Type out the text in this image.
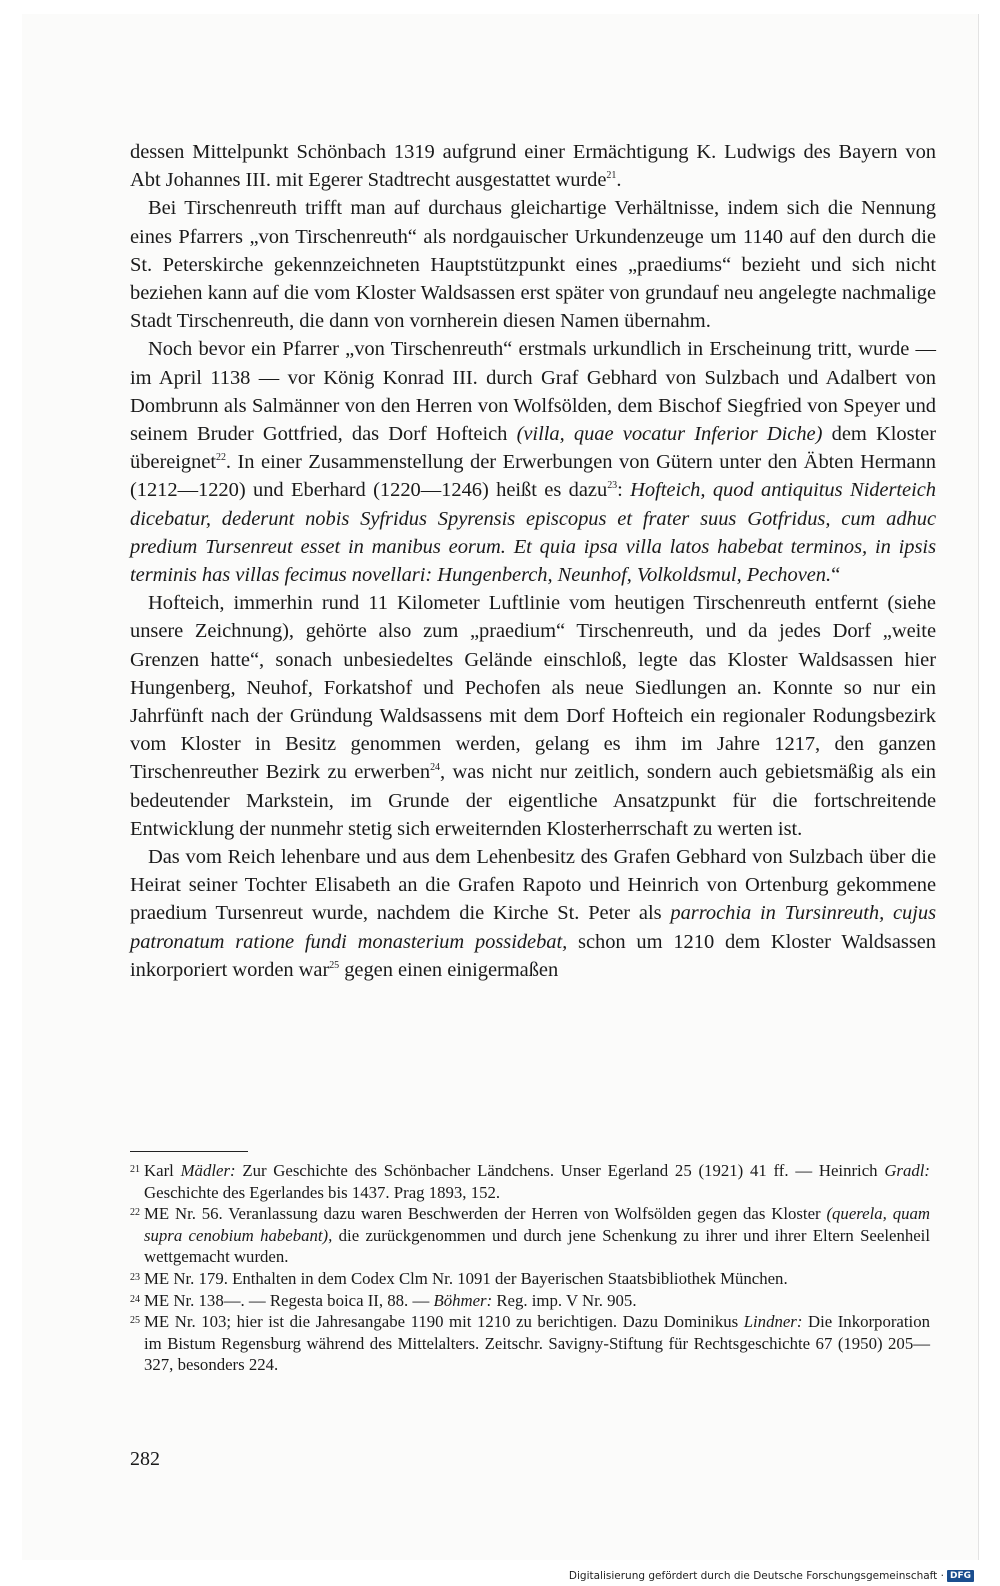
dessen Mittelpunkt Schönbach 1319 aufgrund einer Ermächtigung K. Ludwigs des Bayern von Abt Johannes III. mit Egerer Stadtrecht ausgestattet wurde$^{21}$.

Bei Tirschenreuth trifft man auf durchaus gleichartige Verhältnisse, indem sich die Nennung eines Pfarrers „von Tirschenreuth“ als nordgauischer Urkundenzeuge um 1140 auf den durch die St. Peterskirche gekennzeichneten Hauptstützpunkt eines „praediums“ bezieht und sich nicht beziehen kann auf die vom Kloster Waldsassen erst später von grundauf neu angelegte nachmalige Stadt Tirschenreuth, die dann von vornherein diesen Namen übernahm.

Noch bevor ein Pfarrer „von Tirschenreuth“ erstmals urkundlich in Erscheinung tritt, wurde — im April 1138 — vor König Konrad III. durch Graf Gebhard von Sulzbach und Adalbert von Dombrunn als Salmänner von den Herren von Wolfsölden, dem Bischof Siegfried von Speyer und seinem Bruder Gottfried, das Dorf Hofteich (villa, quae vocatur Inferior Diche) dem Kloster übereignet$^{22}$. In einer Zusammenstellung der Erwerbungen von Gütern unter den Äbten Hermann (1212—1220) und Eberhard (1220—1246) heißt es dazu$^{23}$: Hofteich, quod antiquitus Niderteich dicebatur, dederunt nobis Syfridus Spyrensis episcopus et frater suus Gotfridus, cum adhuc predium Tursenreut esset in manibus eorum. Et quia ipsa villa latos habebat terminos, in ipsis terminis has villas fecimus novellari: Hungenberch, Neunhof, Volkoldsmul, Pechoven.“

Hofteich, immerhin rund 11 Kilometer Luftlinie vom heutigen Tirschenreuth entfernt (siehe unsere Zeichnung), gehörte also zum „praedium“ Tirschenreuth, und da jedes Dorf „weite Grenzen hatte“, sonach unbesiedeltes Gelände einschloß, legte das Kloster Waldsassen hier Hungenberg, Neuhof, Forkatshof und Pechofen als neue Siedlungen an. Konnte so nur ein Jahrfünft nach der Gründung Waldsassens mit dem Dorf Hofteich ein regionaler Rodungsbezirk vom Kloster in Besitz genommen werden, gelang es ihm im Jahre 1217, den ganzen Tirschenreuther Bezirk zu erwerben$^{24}$, was nicht nur zeitlich, sondern auch gebietsmäßig als ein bedeutender Markstein, im Grunde der eigentliche Ansatzpunkt für die fortschreitende Entwicklung der nunmehr stetig sich erweiternden Klosterherrschaft zu werten ist.

Das vom Reich lehenbare und aus dem Lehenbesitz des Grafen Gebhard von Sulzbach über die Heirat seiner Tochter Elisabeth an die Grafen Rapoto und Heinrich von Ortenburg gekommene praedium Tursenreut wurde, nachdem die Kirche St. Peter als parrochia in Tursinreuth, cujus patronatum ratione fundi monasterium possidebat, schon um 1210 dem Kloster Waldsassen inkorporiert worden war$^{25}$ gegen einen einigermaßen

21 Karl Mädler: Zur Geschichte des Schönbacher Ländchens. Unser Egerland 25 (1921) 41 ff. — Heinrich Gradl: Geschichte des Egerlandes bis 1437. Prag 1893, 152.
22 ME Nr. 56. Veranlassung dazu waren Beschwerden der Herren von Wolfsölden gegen das Kloster (querela, quam supra cenobium habebant), die zurückgenommen und durch jene Schenkung zu ihrer und ihrer Eltern Seelenheil wettgemacht wurden.
23 ME Nr. 179. Enthalten in dem Codex Clm Nr. 1091 der Bayerischen Staatsbibliothek München.
24 ME Nr. 138—. — Regesta boica II, 88. — Böhmer: Reg. imp. V Nr. 905.
25 ME Nr. 103; hier ist die Jahresangabe 1190 mit 1210 zu berichtigen. Dazu Dominikus Lindner: Die Inkorporation im Bistum Regensburg während des Mittelalters. Zeitschr. Savigny-Stiftung für Rechtsgeschichte 67 (1950) 205—327, besonders 224.
282
Digitalisierung gefördert durch die Deutsche Forschungsgemeinschaft · DFG
